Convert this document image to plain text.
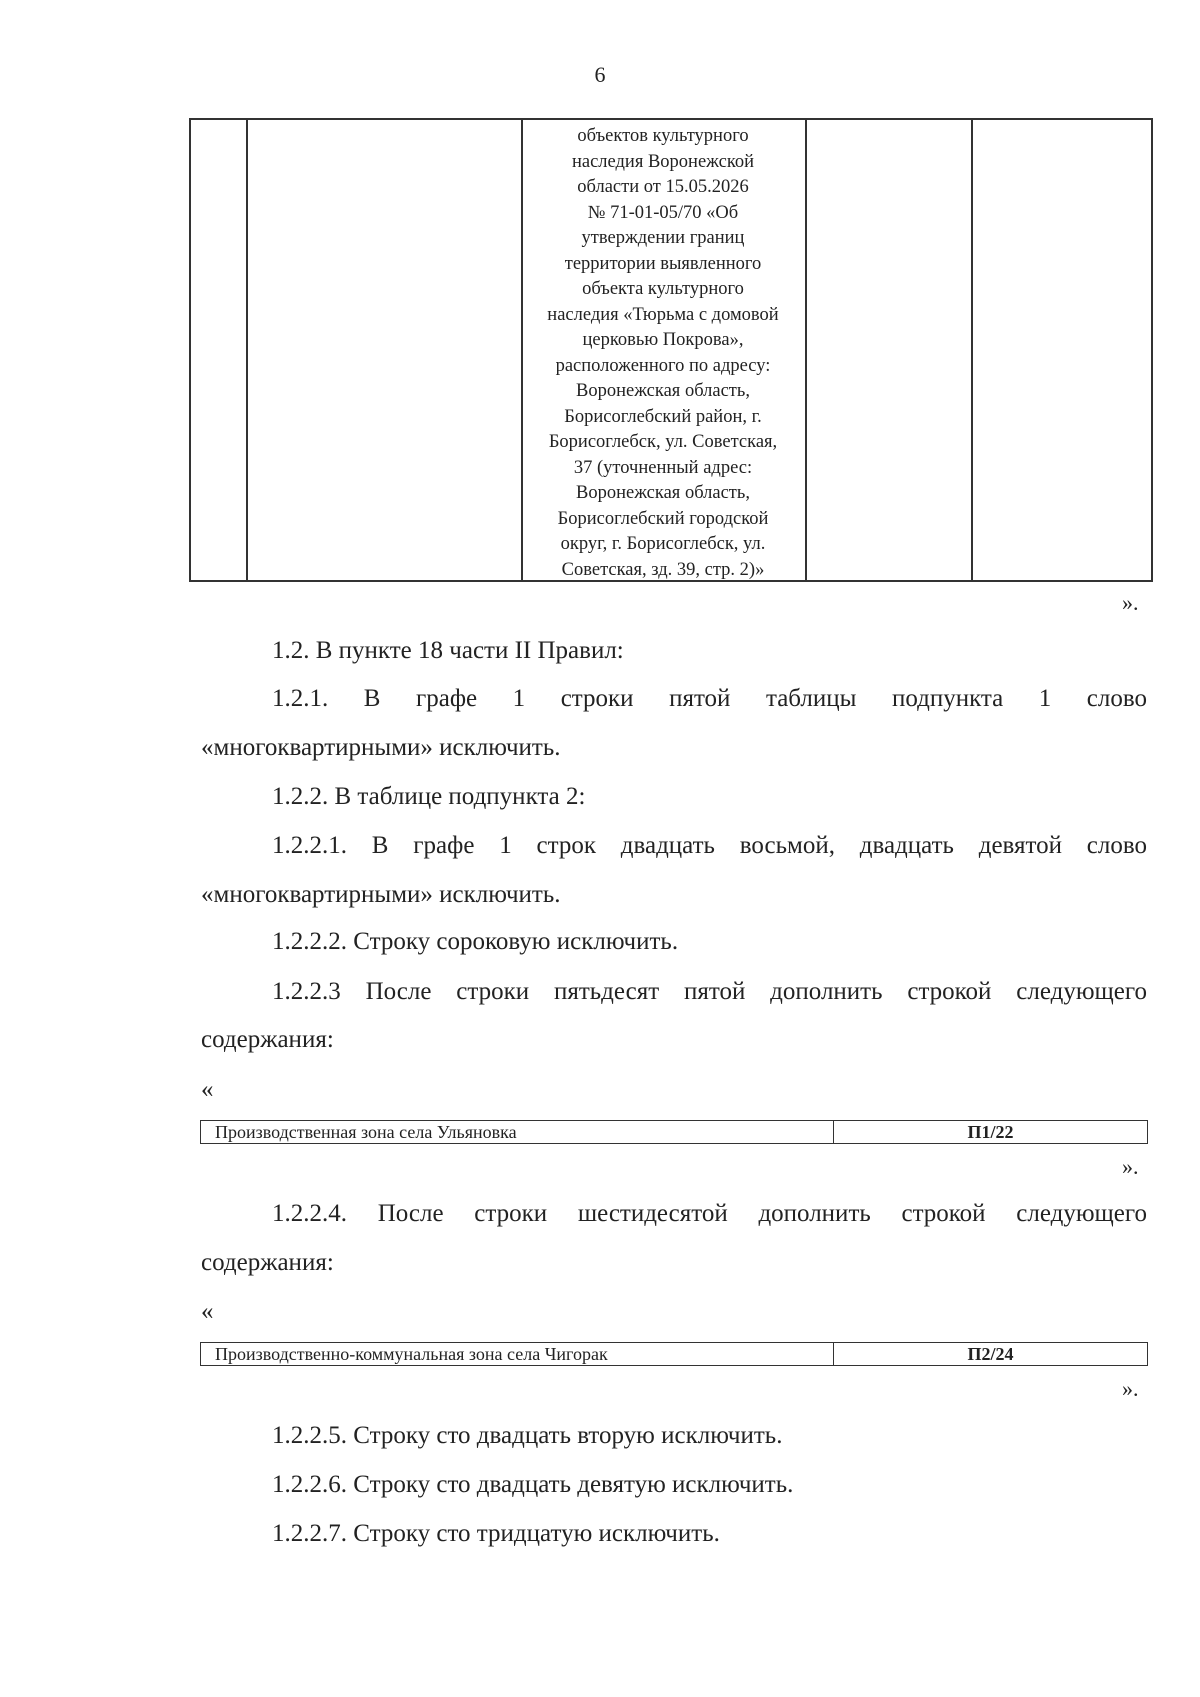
6
объектов культурного
наследия Воронежской
области от 15.05.2026
№ 71-01-05/70 «Об
утверждении границ
территории выявленного
объекта культурного
наследия «Тюрьма с домовой
церковью Покрова»,
расположенного по адресу:
Воронежская область,
Борисоглебский район, г.
Борисоглебск, ул. Советская,
37 (уточненный адрес:
Воронежская область,
Борисоглебский городской
округ, г. Борисоглебск, ул.
Советская, зд. 39, стр. 2)»
».
1.2. В пункте 18 части II Правил:
1.2.1. В графе 1 строки пятой таблицы подпункта 1 слово
«многоквартирными» исключить.
1.2.2. В таблице подпункта 2:
1.2.2.1. В графе 1 строк двадцать восьмой, двадцать девятой слово
«многоквартирными» исключить.
1.2.2.2. Строку сороковую исключить.
1.2.2.3 После строки пятьдесят пятой дополнить строкой следующего
содержания:
«
Производственная зона села Ульяновка	П1/22
».
1.2.2.4. После строки шестидесятой дополнить строкой следующего
содержания:
«
Производственно-коммунальная зона села Чигорак	П2/24
».
1.2.2.5. Строку сто двадцать вторую исключить.
1.2.2.6. Строку сто двадцать девятую исключить.
1.2.2.7. Строку сто тридцатую исключить.
